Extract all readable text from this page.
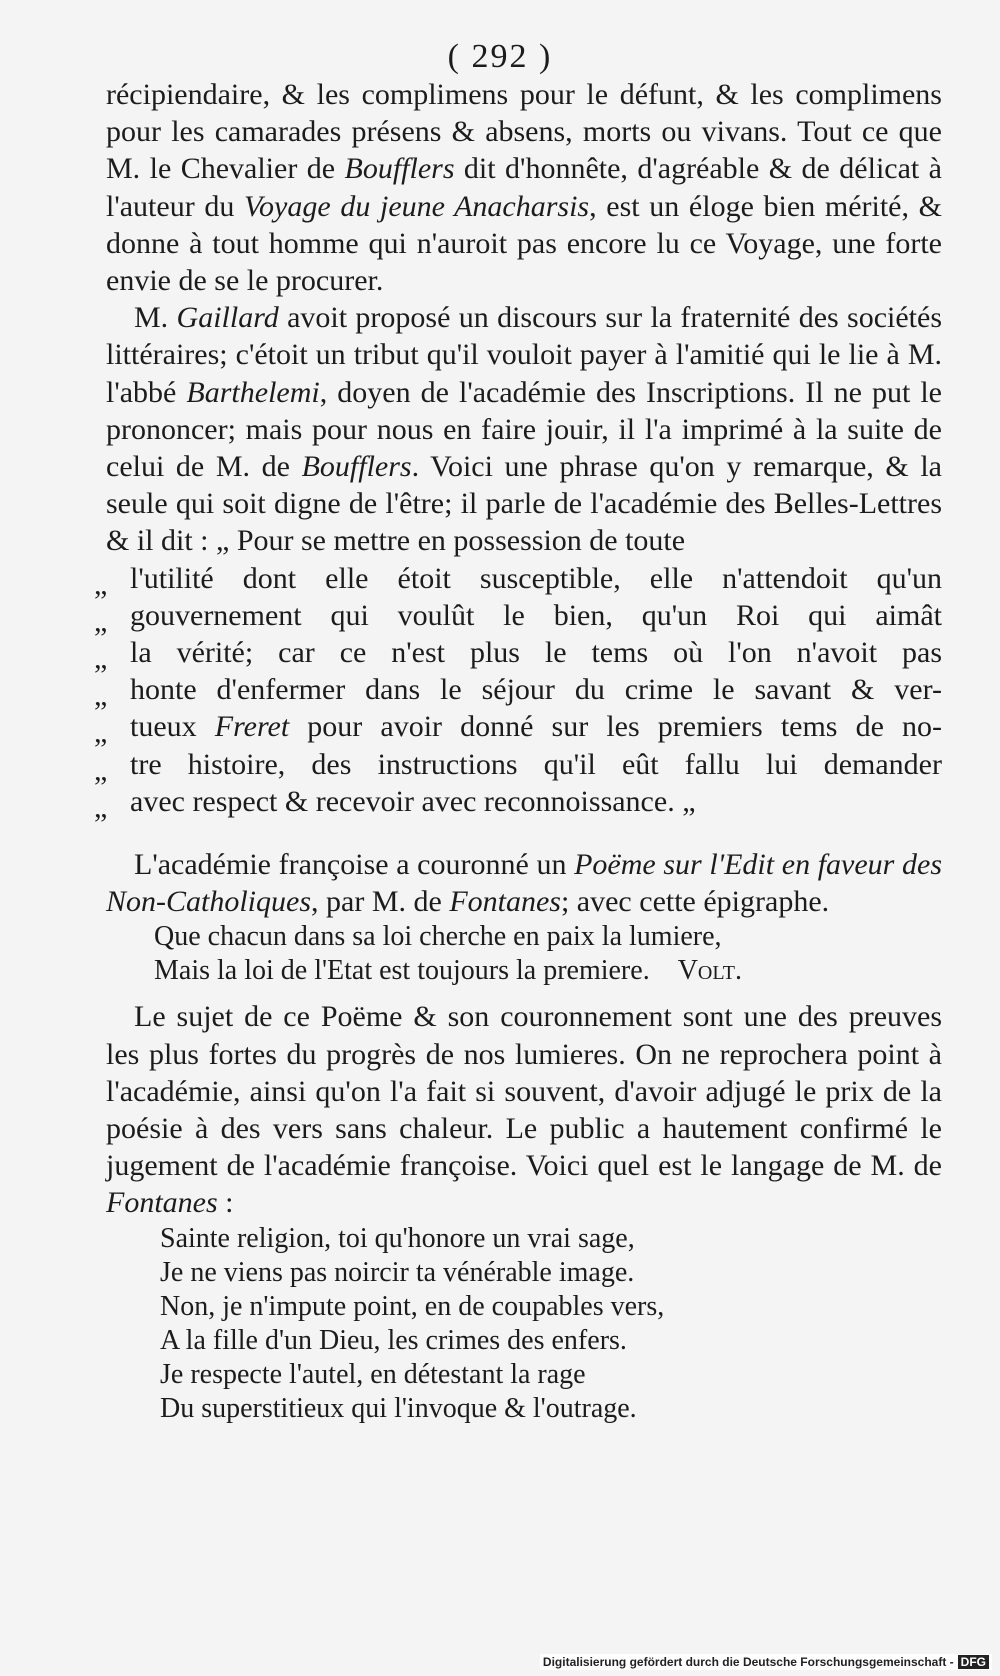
( 292 )

récipiendaire, & les complimens pour le défunt, & les complimens pour les camarades présens & absens, morts ou vivans. Tout ce que M. le Chevalier de Boufflers dit d'honnête, d'agréable & de délicat à l'auteur du Voyage du jeune Anacharsis, est un éloge bien mérité, & donne à tout homme qui n'auroit pas encore lu ce Voyage, une forte envie de se le procurer.

M. Gaillard avoit proposé un discours sur la fraternité des sociétés littéraires; c'étoit un tribut qu'il vouloit payer à l'amitié qui le lie à M. l'abbé Barthelemi, doyen de l'académie des Inscriptions. Il ne put le prononcer; mais pour nous en faire jouir, il l'a imprimé à la suite de celui de M. de Boufflers. Voici une phrase qu'on y remarque, & la seule qui soit digne de l'être; il parle de l'académie des Belles-Lettres & il dit : „ Pour se mettre en possession de toute

„ l'utilité dont elle étoit susceptible, elle n'attendoit qu'un
„ gouvernement qui voulût le bien, qu'un Roi qui aimât
„ la vérité; car ce n'est plus le tems où l'on n'avoit pas
„ honte d'enfermer dans le séjour du crime le savant & ver-
„ tueux Freret pour avoir donné sur les premiers tems de no-
„ tre histoire, des instructions qu'il eût fallu lui demander
„ avec respect & recevoir avec reconnoissance. „

L'académie françoise a couronné un Poëme sur l'Edit en faveur des Non-Catholiques, par M. de Fontanes; avec cette épigraphe.

Que chacun dans sa loi cherche en paix la lumiere,
Mais la loi de l'Etat est toujours la premiere. Volt.

Le sujet de ce Poëme & son couronnement sont une des preuves les plus fortes du progrès de nos lumieres. On ne reprochera point à l'académie, ainsi qu'on l'a fait si souvent, d'avoir adjugé le prix de la poésie à des vers sans chaleur. Le public a hautement confirmé le jugement de l'académie françoise. Voici quel est le langage de M. de Fontanes :

Sainte religion, toi qu'honore un vrai sage,
Je ne viens pas noircir ta vénérable image.
Non, je n'impute point, en de coupables vers,
A la fille d'un Dieu, les crimes des enfers.
Je respecte l'autel, en détestant la rage
Du superstitieux qui l'invoque & l'outrage.
Digitalisierung gefördert durch die Deutsche Forschungsgemeinschaft - DFG
